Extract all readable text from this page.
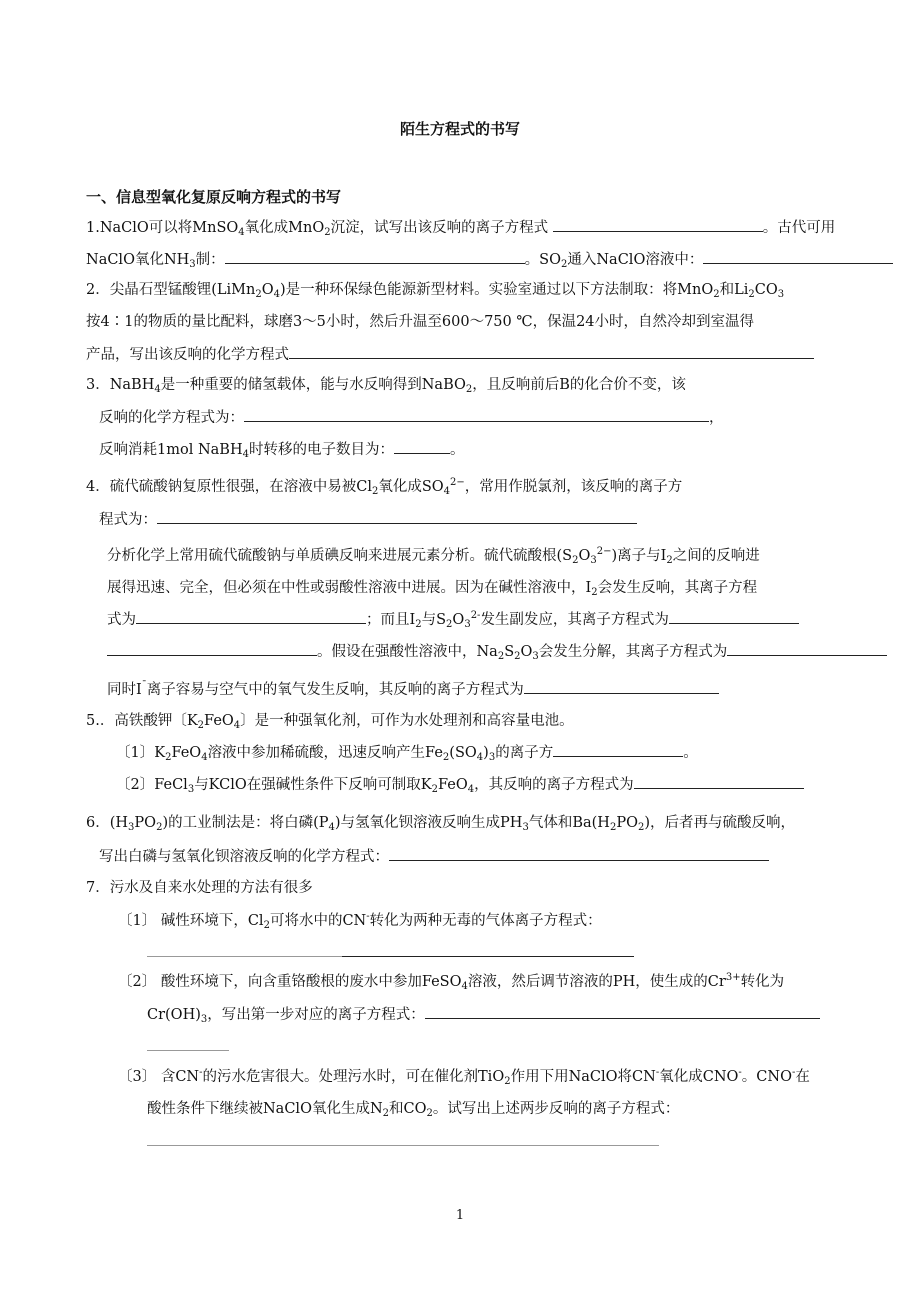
陌生方程式的书写
一、信息型氧化复原反响方程式的书写
1.NaClO可以将MnSO$_4$氧化成MnO$_2$沉淀，试写出该反响的离子方程式	。古代可用
NaClO氧化$NH_3$制：	。$SO_2$通入NaClO溶液中：
2．尖晶石型锰酸锂$(LiMn_2O_4)$是一种环保绿色能源新型材料。实验室通过以下方法制取：将MnO$_2$和$Li_2CO_3$
按4∶1的物质的量比配料，球磨3～5小时，然后升温至600～750 ℃，保温24小时，自然冷却到室温得
产品，写出该反响的化学方程式
3．NaBH$_4$是一种重要的储氢载体，能与水反响得到NaBO$_2$，且反响前后B的化合价不变，该
反响的化学方程式为：	，
反响消耗1mol NaBH$_4$时转移的电子数目为：	。
4．硫代硫酸钠复原性很强，在溶液中易被$Cl_2$氧化成$SO_4^{2-}$，常用作脱氯剂，该反响的离子方
程式为：
分析化学上常用硫代硫酸钠与单质碘反响来进展元素分析。硫代硫酸根$(S_2O_3^{2-})$离子与$I_2$之间的反响进
展得迅速、完全，但必须在中性或弱酸性溶液中进展。因为在碱性溶液中，$I_2$会发生反响，其离子方程
式为	；而且$I_2$与$S_2O_3^{2-}$发生副发应，其离子方程式为
。假设在强酸性溶液中，$Na_2S_2O_3$会发生分解，其离子方程式为
同时I¯离子容易与空气中的氧气发生反响，其反响的离子方程式为
5.．高铁酸钾〔$K_2FeO_4$〕是一种强氧化剂，可作为水处理剂和高容量电池。
〔1〕$K_2FeO_4$溶液中参加稀硫酸，迅速反响产生$Fe_2(SO_4)_3$的离子方	。
〔2〕FeCl$_3$与KClO在强碱性条件下反响可制取$K_2FeO_4$，其反响的离子方程式为
6．$(H_3PO_2)$的工业制法是：将白磷$(P_4)$与氢氧化钡溶液反响生成$PH_3$气体和$Ba(H_2PO_2)$，后者再与硫酸反响，
写出白磷与氢氧化钡溶液反响的化学方程式：
7．污水及自来水处理的方法有很多
〔1〕 碱性环境下，$Cl_2$可将水中的CN-转化为两种无毒的气体离子方程式：
〔2〕 酸性环境下，向含重铬酸根的废水中参加FeSO$_4$溶液，然后调节溶液的PH，使生成的$Cr^{3+}$转化为
$Cr(OH)_3$，写出第一步对应的离子方程式：
〔3〕 含CN-的污水危害很大。处理污水时，可在催化剂TiO$_2$作用下用NaClO将CN-氧化成CNO-。CNO-在
酸性条件下继续被NaClO氧化生成$N_2$和$CO_2$。试写出上述两步反响的离子方程式：
1
